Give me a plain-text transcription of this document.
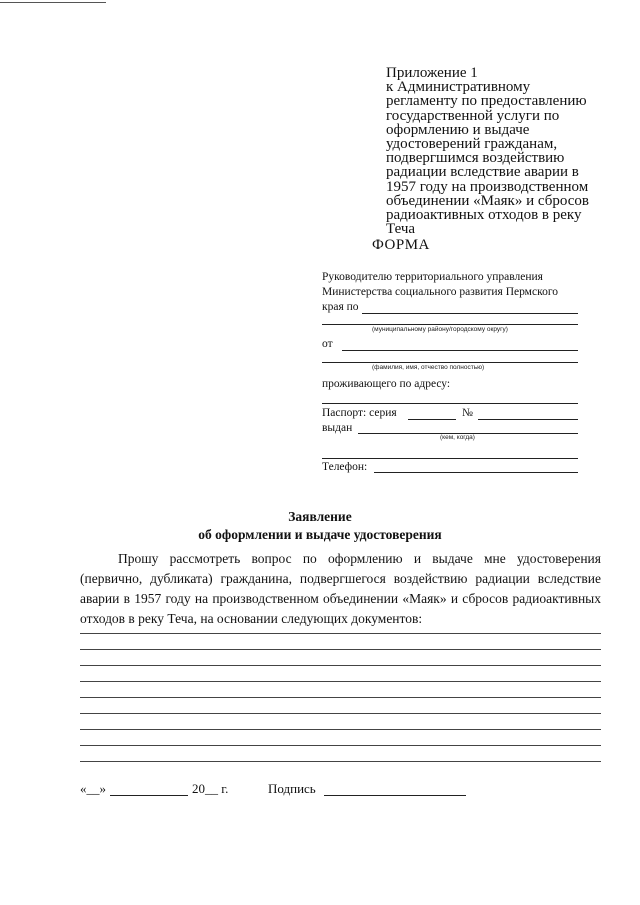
Приложение 1
к Административному
регламенту по предоставлению
государственной услуги по
оформлению и выдаче
удостоверений гражданам,
подвергшимся воздействию
радиации вследствие аварии в
1957 году на производственном
объединении «Маяк» и сбросов
радиоактивных отходов в реку
Теча
ФОРМА
Руководителю территориального управления
Министерства социального развития Пермского
края по
(муниципальному району/городскому округу)
от
(фамилия, имя, отчество полностью)
проживающего по адресу:
Паспорт: серия	№
выдан
(кем, когда)
Телефон:
Заявление
об оформлении и выдаче удостоверения
Прошу рассмотреть вопрос по оформлению и выдаче мне удостоверения (первично, дубликата) гражданина, подвергшегося воздействию радиации вследствие аварии в 1957 году на производственном объединении «Маяк» и сбросов радиоактивных отходов в реку Теча, на основании следующих документов:
«__»	20__ г.	Подпись
